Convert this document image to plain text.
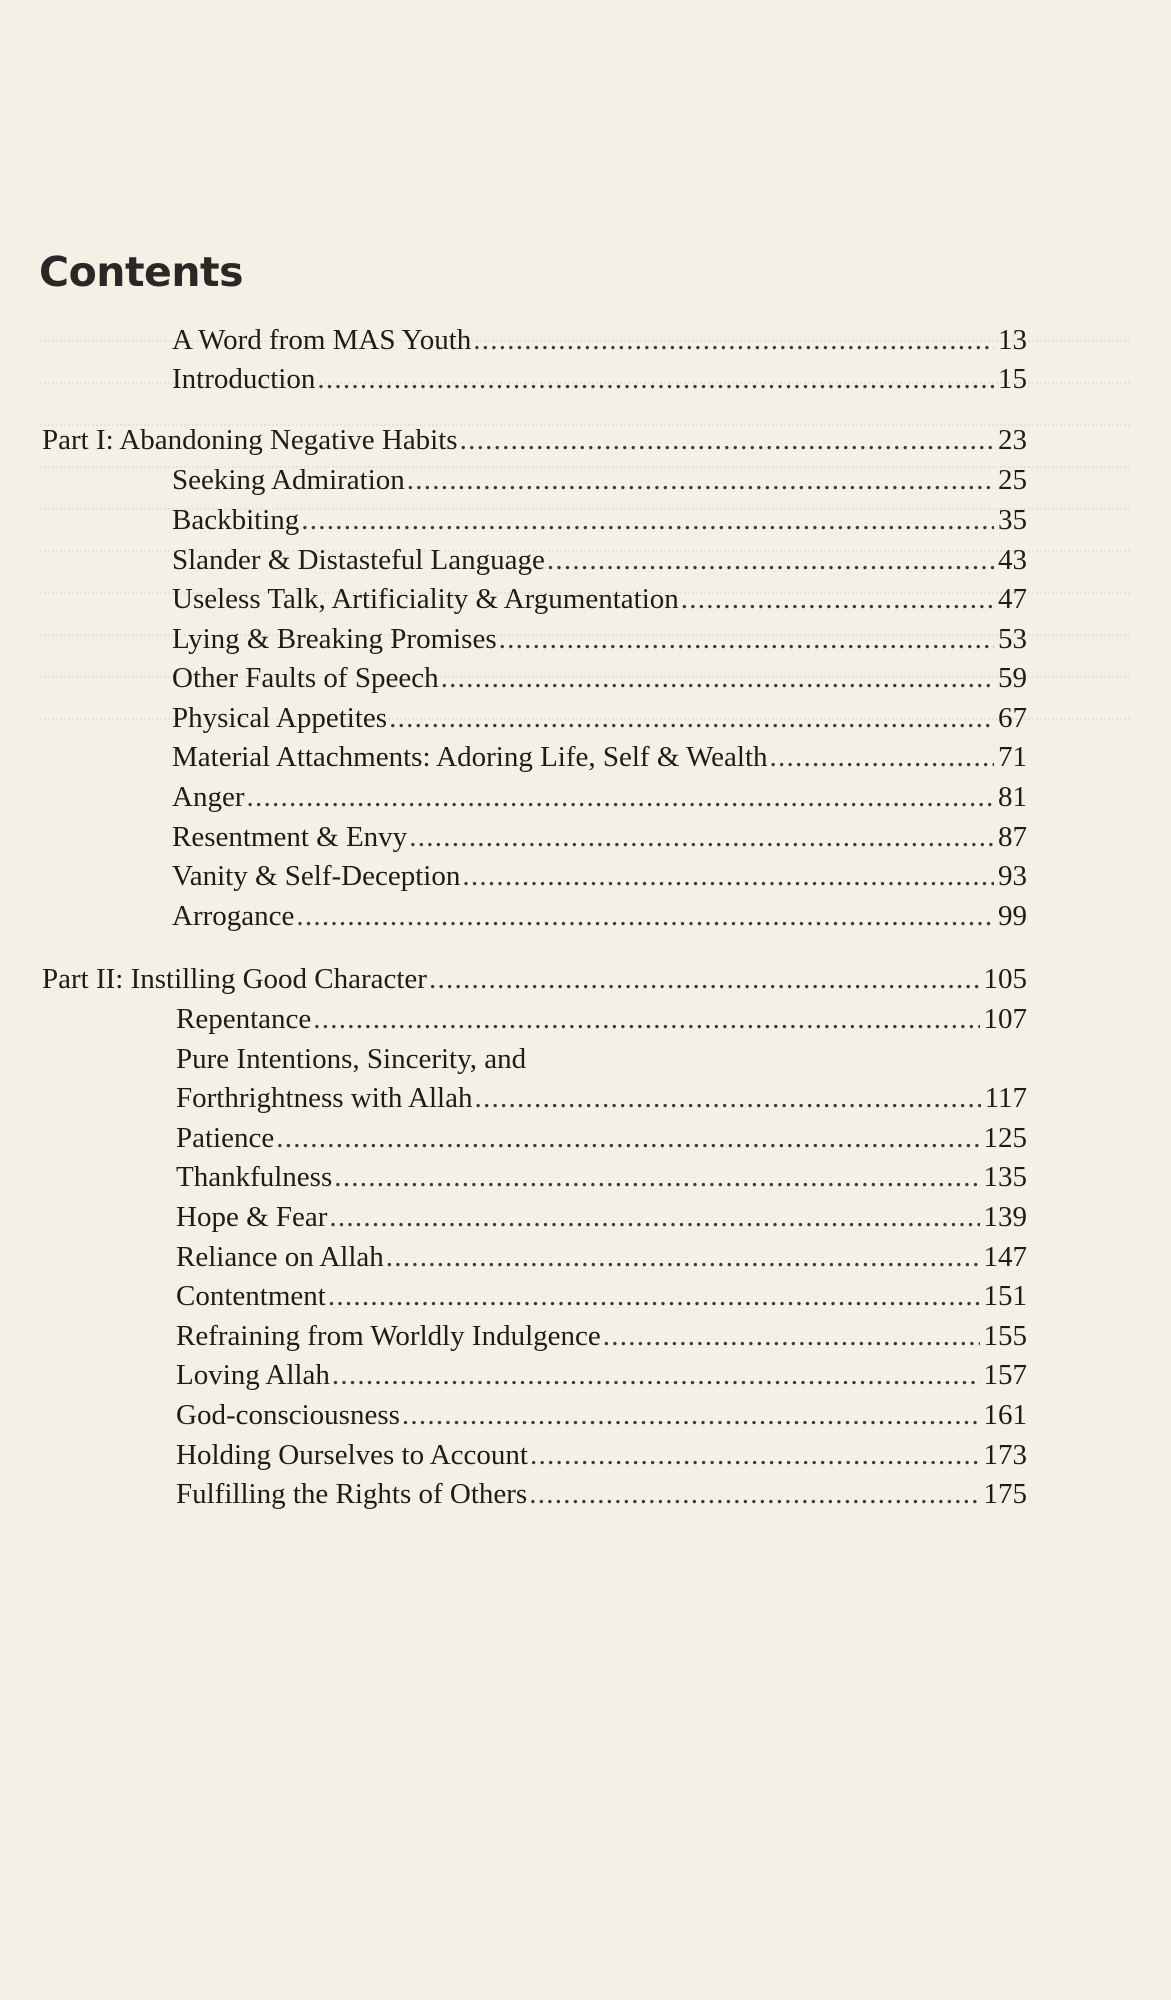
Contents
A Word from MAS Youth . . .	13
Introduction . . .	15
Part I: Abandoning Negative Habits . . .	23
Seeking Admiration . . .	25
Backbiting . . .	35
Slander & Distasteful Language . . .	43
Useless Talk, Artificiality & Argumentation . . .	47
Lying & Breaking Promises . . .	53
Other Faults of Speech . . .	59
Physical Appetites . . .	67
Material Attachments: Adoring Life, Self & Wealth . . .	71
Anger . . .	81
Resentment & Envy . . .	87
Vanity & Self-Deception . . .	93
Arrogance . . .	99
Part II: Instilling Good Character . . .	105
Repentance . . .	107
Pure Intentions, Sincerity, and
Forthrightness with Allah . . .	117
Patience . . .	125
Thankfulness . . .	135
Hope & Fear . . .	139
Reliance on Allah . . .	147
Contentment . . .	151
Refraining from Worldly Indulgence . . .	155
Loving Allah . . .	157
God-consciousness . . .	161
Holding Ourselves to Account . . .	173
Fulfilling the Rights of Others . . .	175
